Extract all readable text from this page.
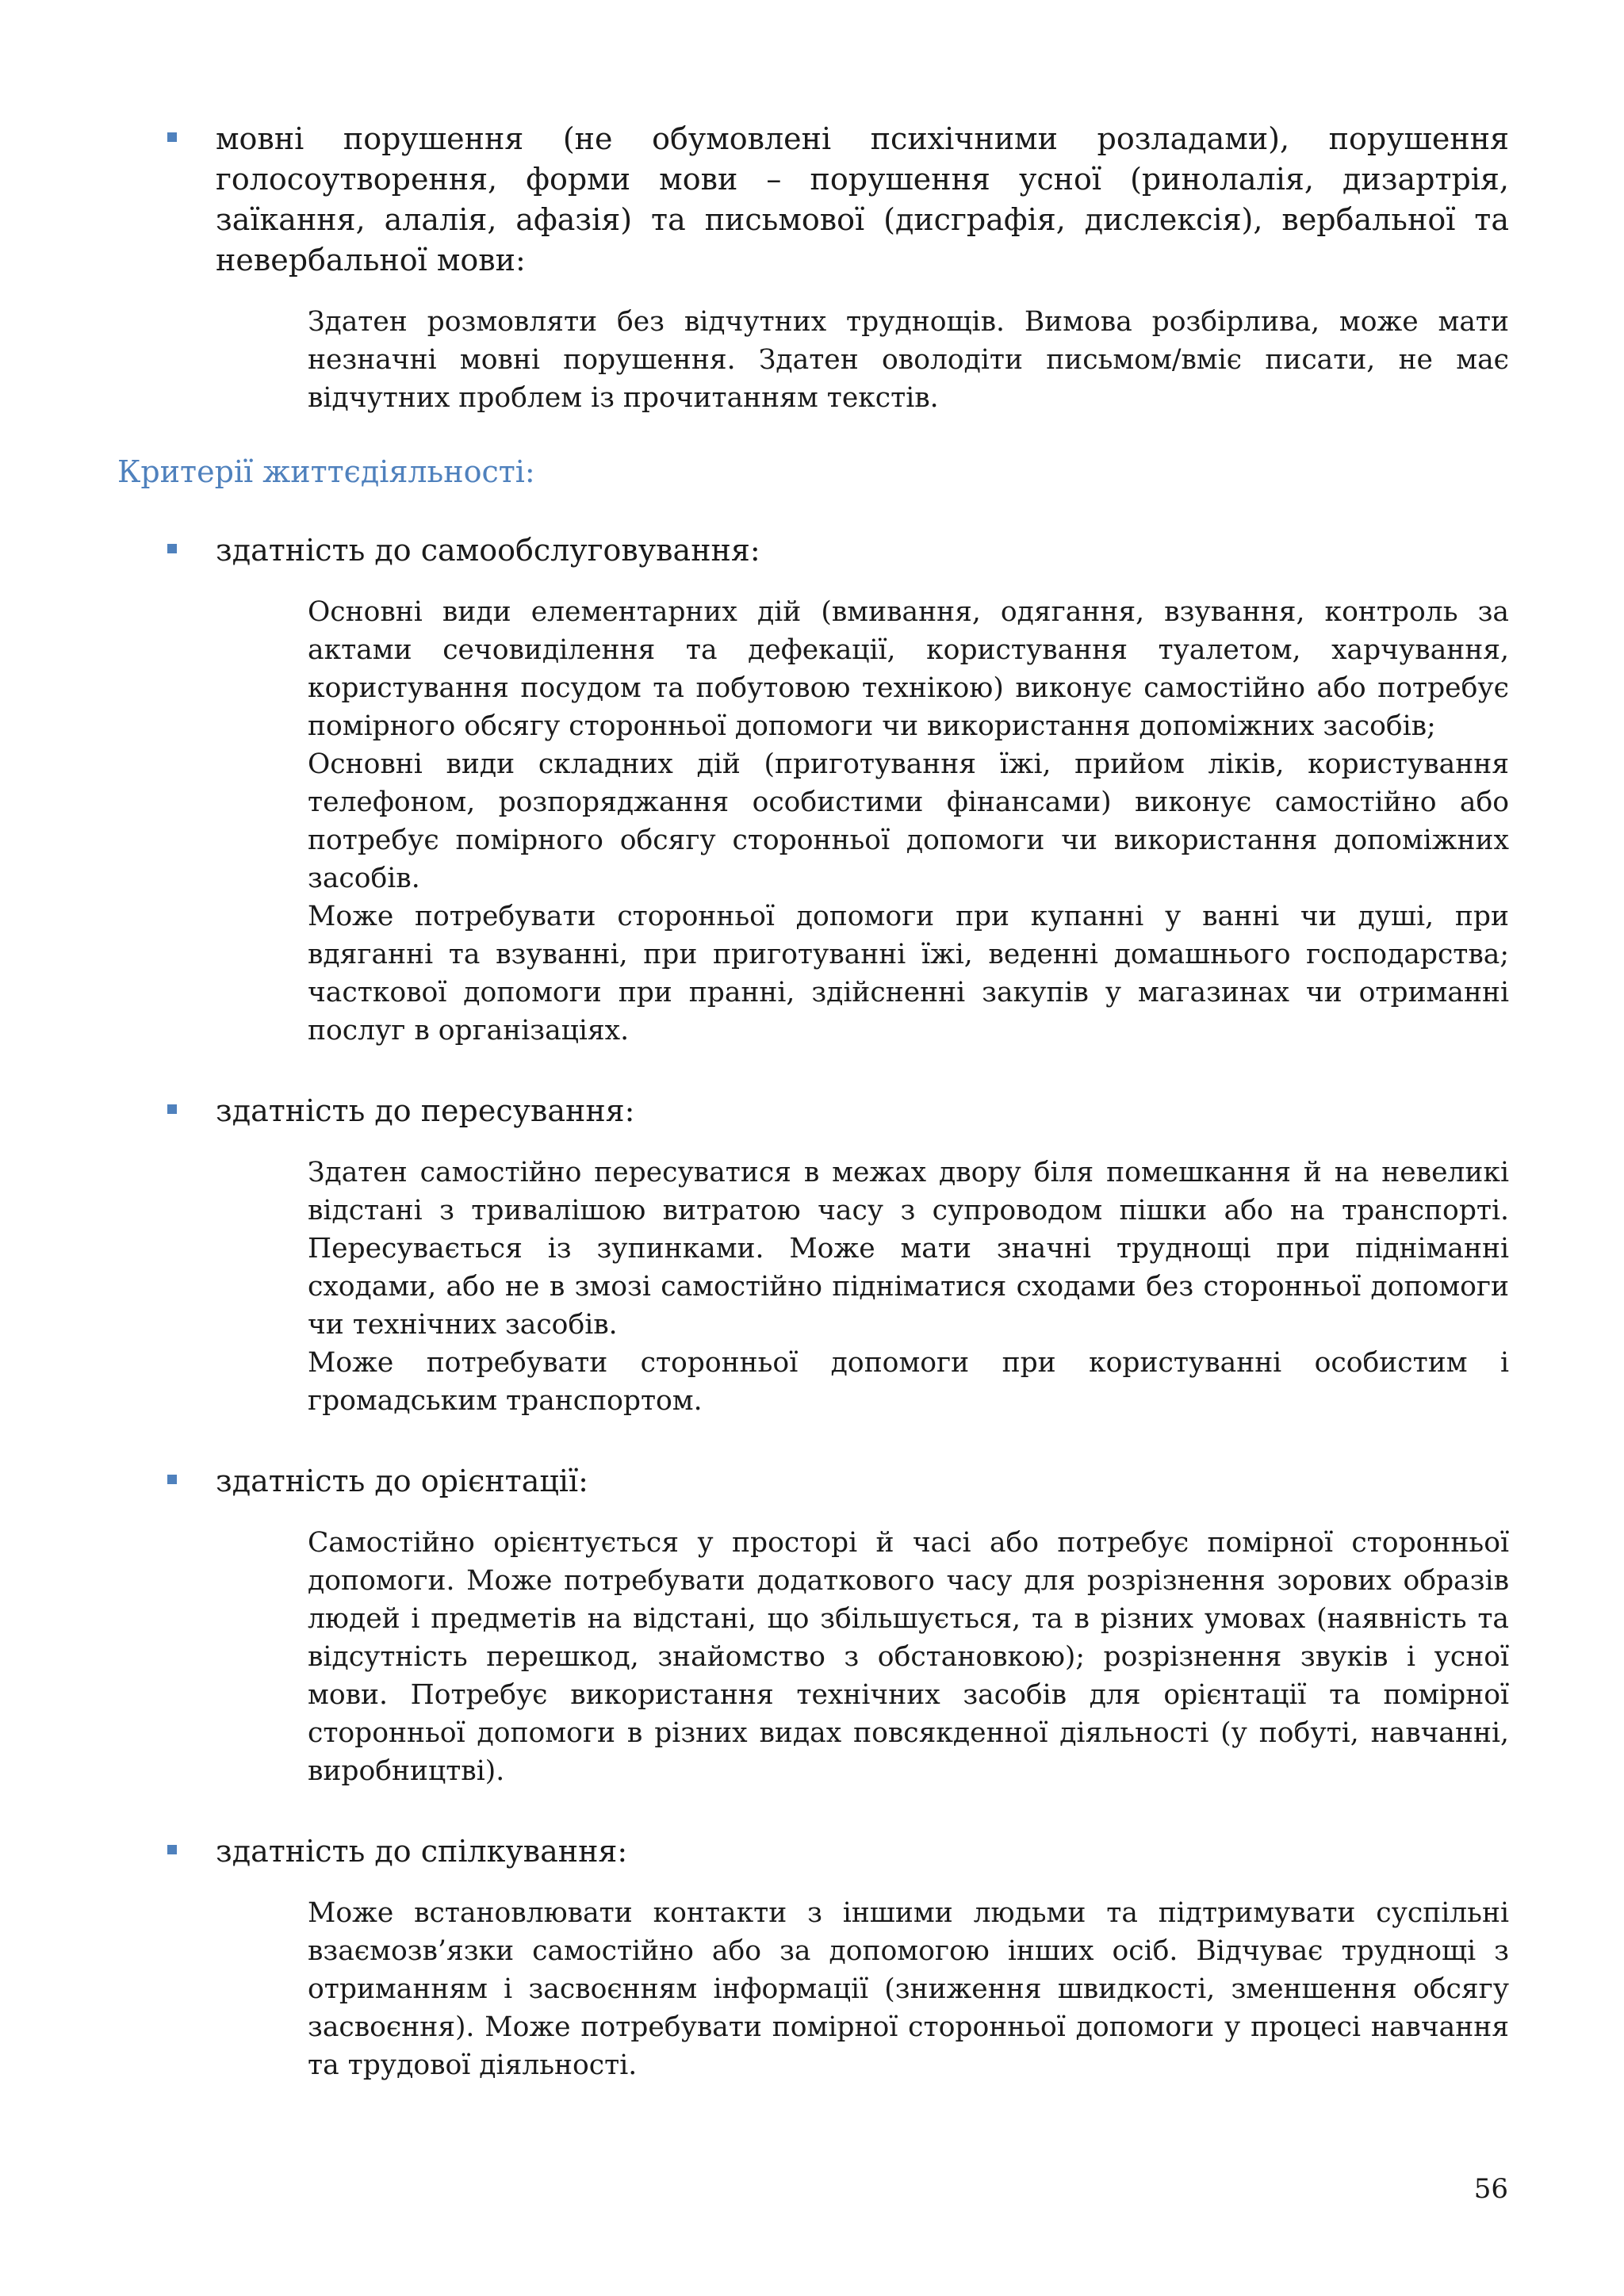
мовні порушення (не обумовлені психічними розладами), порушення голосоутворення, форми мови – порушення усної (ринолалія, дизартрія, заїкання, алалія, афазія) та письмової (дисграфія, дислексія), вербальної та невербальної мови:

Здатен розмовляти без відчутних труднощів. Вимова розбірлива, може мати незначні мовні порушення. Здатен оволодіти письмом/вміє писати, не має відчутних проблем із прочитанням текстів.

Критерії життєдіяльності:
здатність до самообслуговування:

Основні види елементарних дій (вмивання, одягання, взування, контроль за актами сечовиділення та дефекації, користування туалетом, харчування, користування посудом та побутовою технікою) виконує самостійно або потребує помірного обсягу сторонньої допомоги чи використання допоміжних засобів;

Основні види складних дій (приготування їжі, прийом ліків, користування телефоном, розпоряджання особистими фінансами) виконує самостійно або потребує помірного обсягу сторонньої допомоги чи використання допоміжних засобів.

Може потребувати сторонньої допомоги при купанні у ванні чи душі, при вдяганні та взуванні, при приготуванні їжі, веденні домашнього господарства; часткової допомоги при пранні, здійсненні закупів у магазинах чи отриманні послуг в організаціях.

здатність до пересування:

Здатен самостійно пересуватися в межах двору біля помешкання й на невеликі відстані з тривалішою витратою часу з супроводом пішки або на транспорті. Пересувається із зупинками. Може мати значні труднощі при підніманні сходами, або не в змозі самостійно підніматися сходами без сторонньої допомоги чи технічних засобів.

Може потребувати сторонньої допомоги при користуванні особистим і громадським транспортом.

здатність до орієнтації:

Самостійно орієнтується у просторі й часі або потребує помірної сторонньої допомоги. Може потребувати додаткового часу для розрізнення зорових образів людей і предметів на відстані, що збільшується, та в різних умовах (наявність та відсутність перешкод, знайомство з обстановкою); розрізнення звуків і усної мови. Потребує використання технічних засобів для орієнтації та помірної сторонньої допомоги в різних видах повсякденної діяльності (у побуті, навчанні, виробництві).

здатність до спілкування:

Може встановлювати контакти з іншими людьми та підтримувати суспільні взаємозв’язки самостійно або за допомогою інших осіб. Відчуває труднощі з отриманням і засвоєнням інформації (зниження швидкості, зменшення обсягу засвоєння). Може потребувати помірної сторонньої допомоги у процесі навчання та трудової діяльності.

56
